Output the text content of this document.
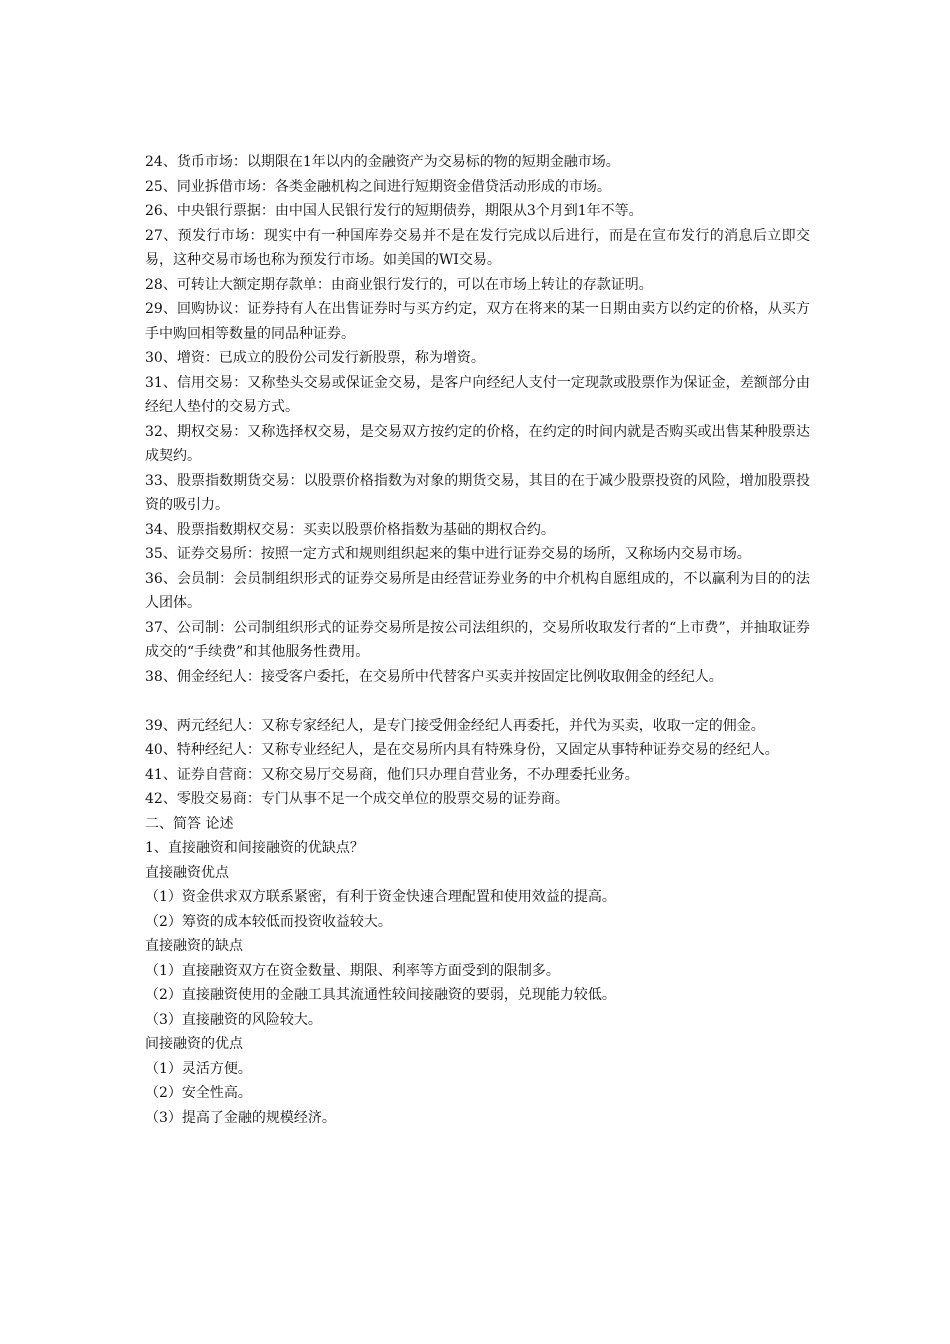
24、货币市场：以期限在1年以内的金融资产为交易标的物的短期金融市场。

25、同业拆借市场：各类金融机构之间进行短期资金借贷活动形成的市场。

26、中央银行票据：由中国人民银行发行的短期债券，期限从3个月到1年不等。

27、预发行市场：现实中有一种国库券交易并不是在发行完成以后进行，而是在宣布发行的消息后立即交易，这种交易市场也称为预发行市场。如美国的WI交易。

28、可转让大额定期存款单：由商业银行发行的，可以在市场上转让的存款证明。

29、回购协议：证券持有人在出售证券时与买方约定，双方在将来的某一日期由卖方以约定的价格，从买方手中购回相等数量的同品种证券。

30、增资：已成立的股份公司发行新股票，称为增资。

31、信用交易：又称垫头交易或保证金交易，是客户向经纪人支付一定现款或股票作为保证金，差额部分由经纪人垫付的交易方式。

32、期权交易：又称选择权交易，是交易双方按约定的价格，在约定的时间内就是否购买或出售某种股票达成契约。

33、股票指数期货交易：以股票价格指数为对象的期货交易，其目的在于减少股票投资的风险，增加股票投资的吸引力。

34、股票指数期权交易：买卖以股票价格指数为基础的期权合约。

35、证券交易所：按照一定方式和规则组织起来的集中进行证券交易的场所，又称场内交易市场。

36、会员制：会员制组织形式的证券交易所是由经营证券业务的中介机构自愿组成的，不以赢利为目的的法人团体。

37、公司制：公司制组织形式的证券交易所是按公司法组织的，交易所收取发行者的“上市费”，并抽取证券成交的“手续费”和其他服务性费用。

38、佣金经纪人：接受客户委托，在交易所中代替客户买卖并按固定比例收取佣金的经纪人。

39、两元经纪人：又称专家经纪人，是专门接受佣金经纪人再委托，并代为买卖，收取一定的佣金。

40、特种经纪人：又称专业经纪人，是在交易所内具有特殊身份，又固定从事特种证券交易的经纪人。

41、证券自营商：又称交易厅交易商，他们只办理自营业务，不办理委托业务。

42、零股交易商：专门从事不足一个成交单位的股票交易的证券商。

二、简答 论述

1、直接融资和间接融资的优缺点？

直接融资优点

（1）资金供求双方联系紧密，有利于资金快速合理配置和使用效益的提高。

（2）筹资的成本较低而投资收益较大。

直接融资的缺点

（1）直接融资双方在资金数量、期限、利率等方面受到的限制多。

（2）直接融资使用的金融工具其流通性较间接融资的要弱，兑现能力较低。

（3）直接融资的风险较大。

间接融资的优点

（1）灵活方便。

（2）安全性高。

（3）提高了金融的规模经济。
